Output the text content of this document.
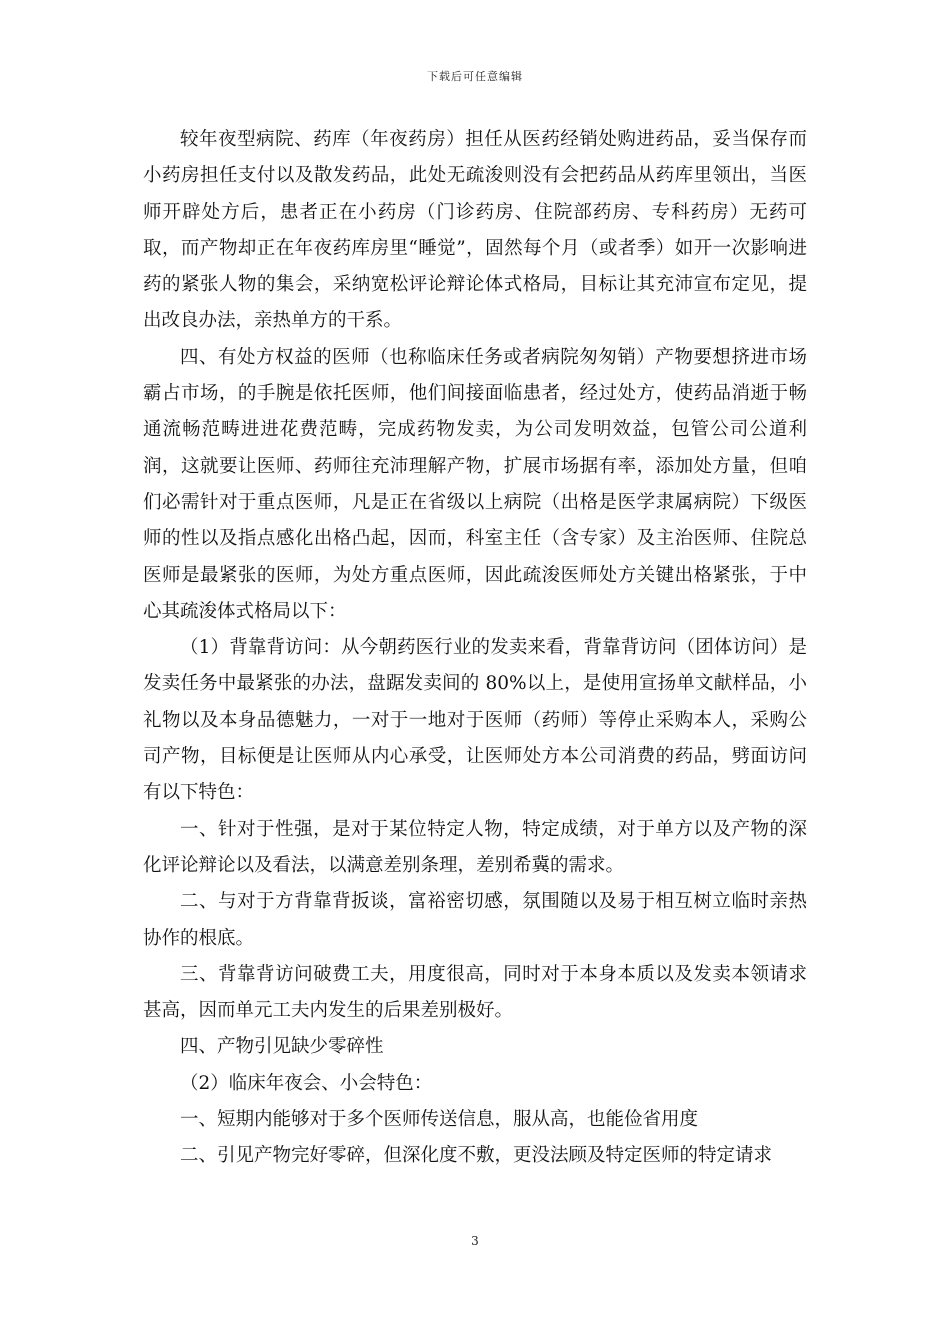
下载后可任意编辑

较年夜型病院、药库（年夜药房）担任从医药经销处购进药品，妥当保存而小药房担任支付以及散发药品，此处无疏浚则没有会把药品从药库里领出，当医师开辟处方后，患者正在小药房（门诊药房、住院部药房、专科药房）无药可取，而产物却正在年夜药库房里“睡觉”，固然每个月（或者季）如开一次影响进药的紧张人物的集会，采纳宽松评论辩论体式格局，目标让其充沛宣布定见，提出改良办法，亲热单方的干系。

四、有处方权益的医师（也称临床任务或者病院匆匆销）产物要想挤进市场霸占市场，的手腕是依托医师，他们间接面临患者，经过处方，使药品消逝于畅通流畅范畴进进花费范畴，完成药物发卖，为公司发明效益，包管公司公道利润，这就要让医师、药师往充沛理解产物，扩展市场据有率，添加处方量，但咱们必需针对于重点医师，凡是正在省级以上病院（出格是医学隶属病院）下级医师的性以及指点感化出格凸起，因而，科室主任（含专家）及主治医师、住院总医师是最紧张的医师，为处方重点医师，因此疏浚医师处方关键出格紧张，于中心其疏浚体式格局以下：

（1）背靠背访问：从今朝药医行业的发卖来看，背靠背访问（团体访问）是发卖任务中最紧张的办法，盘踞发卖间的 80%以上，是使用宣扬单文献样品，小礼物以及本身品德魅力，一对于一地对于医师（药师）等停止采购本人，采购公司产物，目标便是让医师从内心承受，让医师处方本公司消费的药品，劈面访问有以下特色：

一、针对于性强，是对于某位特定人物，特定成绩，对于单方以及产物的深化评论辩论以及看法，以满意差别条理，差别希冀的需求。

二、与对于方背靠背扳谈，富裕密切感，氛围随以及易于相互树立临时亲热协作的根底。

三、背靠背访问破费工夫，用度很高，同时对于本身本质以及发卖本领请求甚高，因而单元工夫内发生的后果差别极好。

四、产物引见缺少零碎性

（2）临床年夜会、小会特色：

一、短期内能够对于多个医师传送信息，服从高，也能俭省用度

二、引见产物完好零碎，但深化度不敷，更没法顾及特定医师的特定请求

3
